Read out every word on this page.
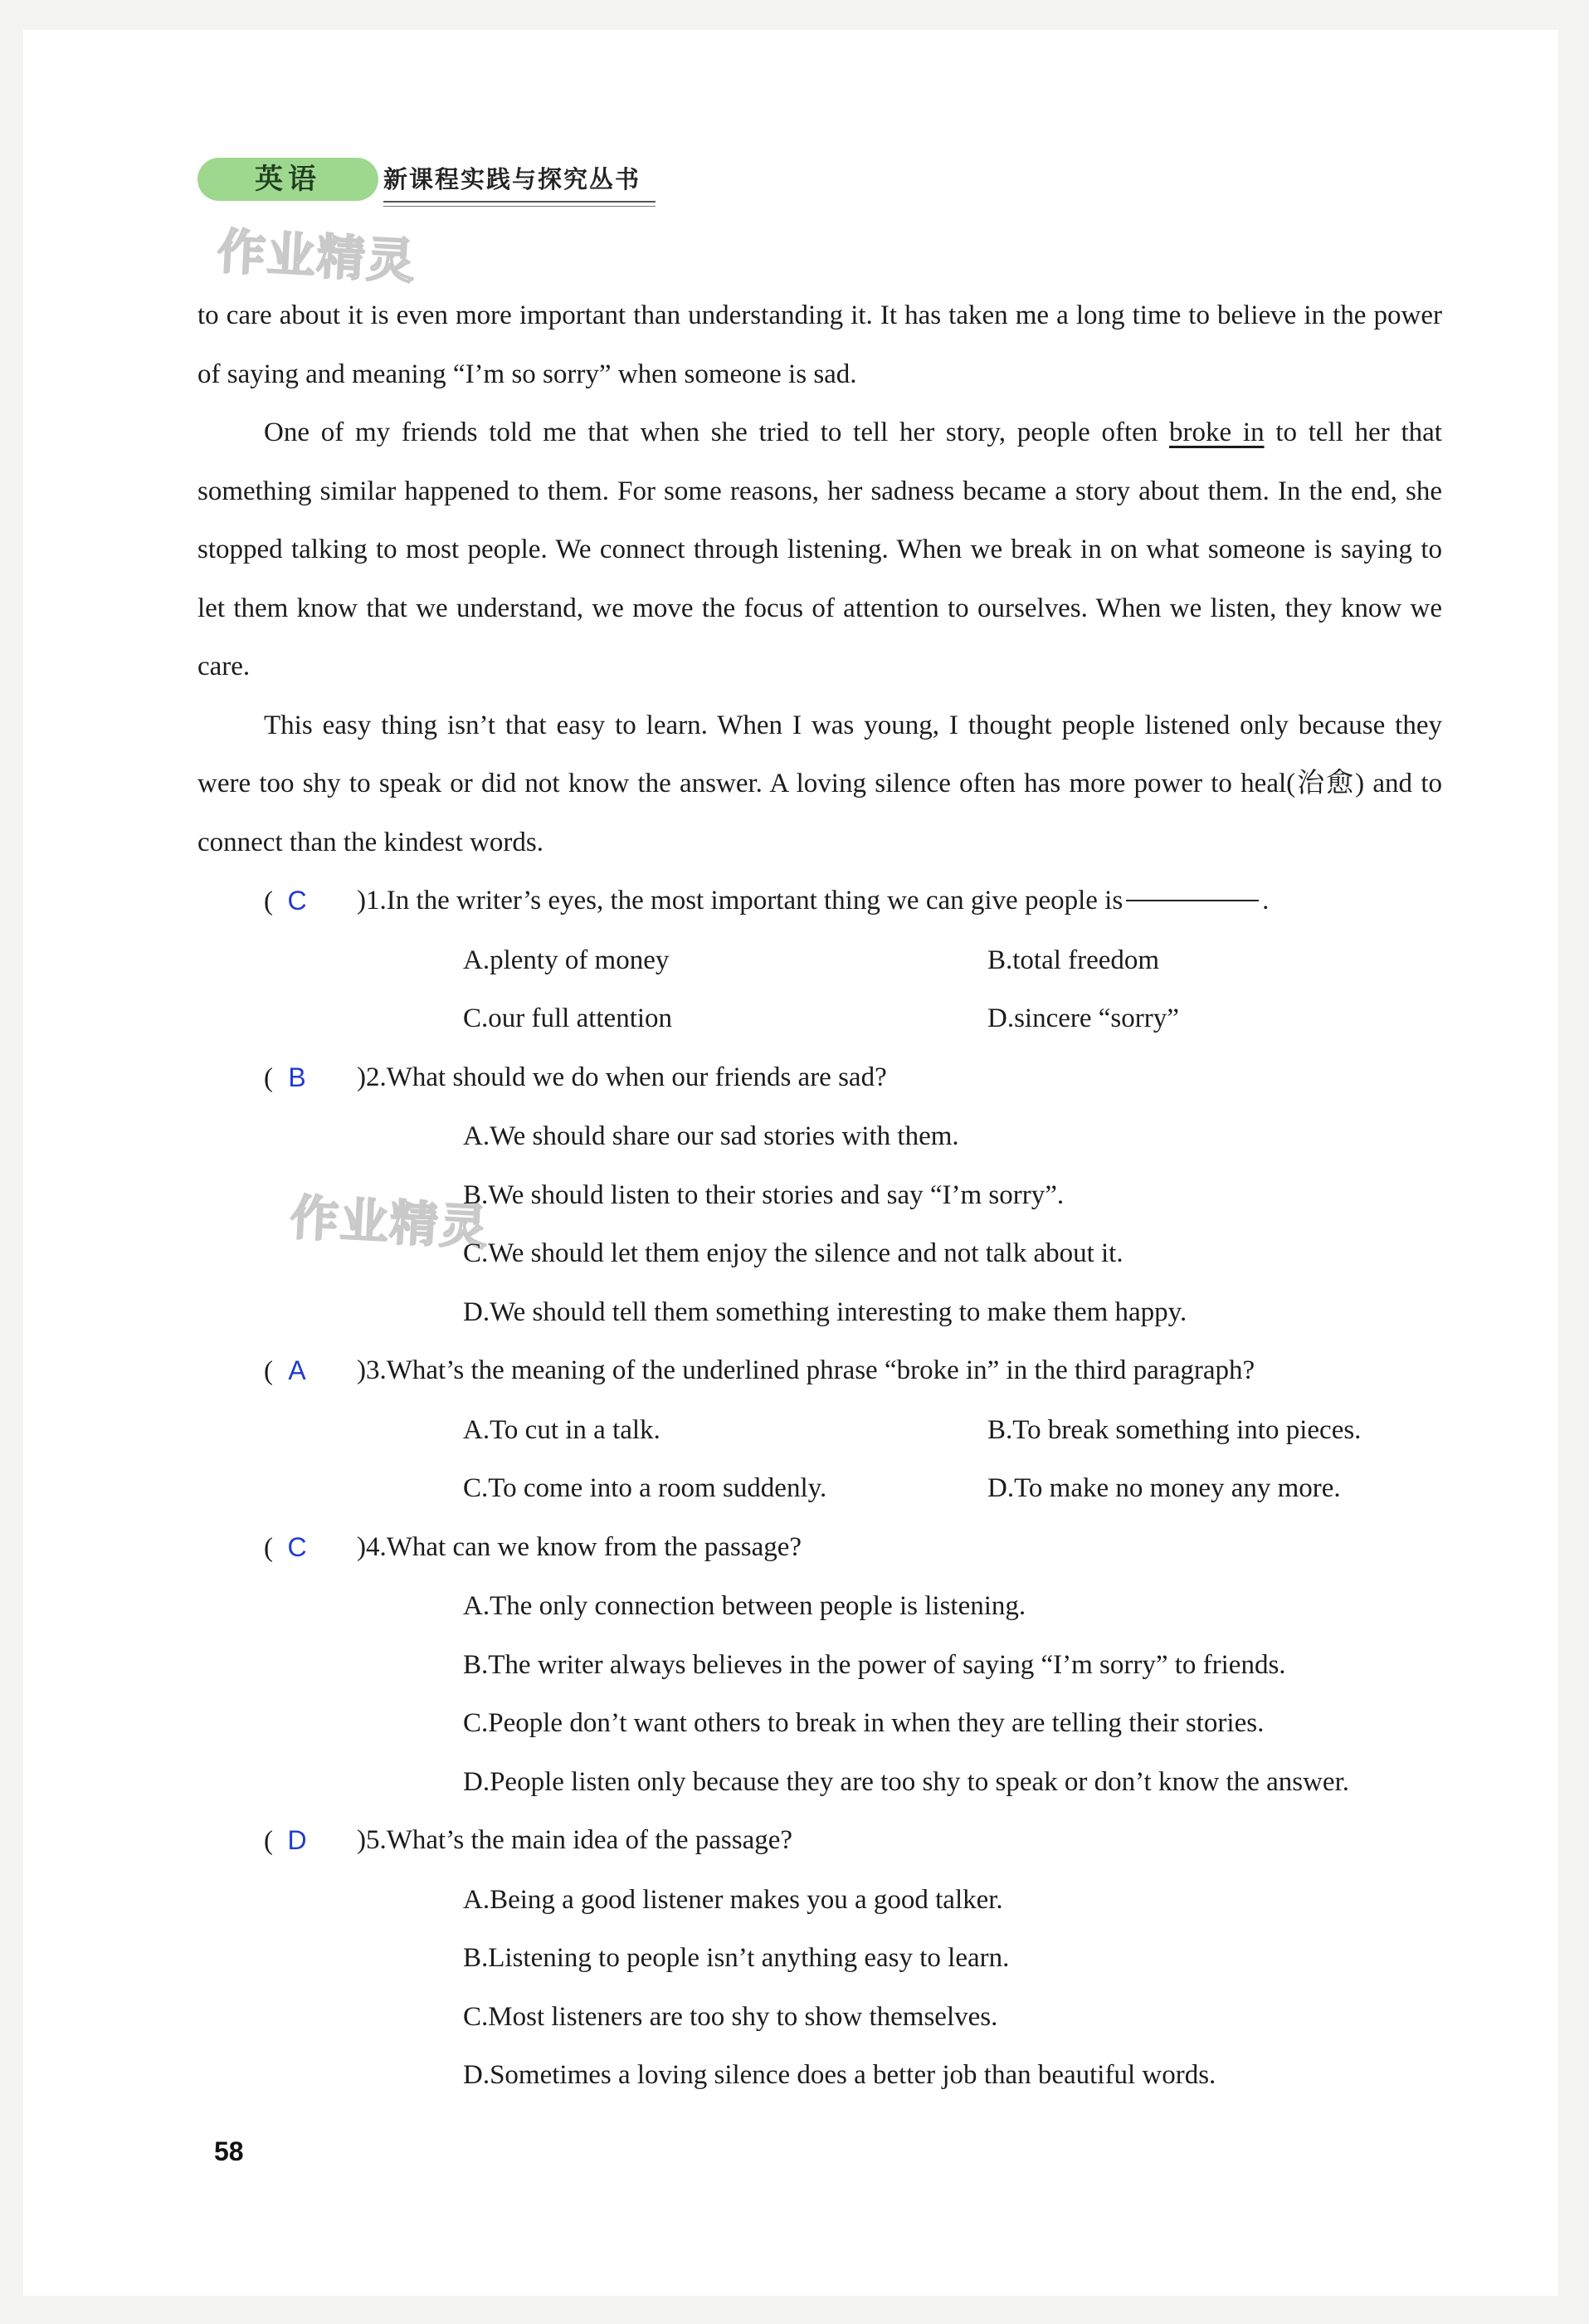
英语	新课程实践与探究丛书
作业精灵
作业精灵

to care about it is even more important than understanding it. It has taken me a long time to believe in the power of saying and meaning “I’m so sorry” when someone is sad.

One of my friends told me that when she tried to tell her story, people often broke in to tell her that something similar happened to them. For some reasons, her sadness became a story about them. In the end, she stopped talking to most people. We connect through listening. When we break in on what someone is saying to let them know that we understand, we move the focus of attention to ourselves. When we listen, they know we care.

This easy thing isn’t that easy to learn. When I was young, I thought people listened only because they were too shy to speak or did not know the answer. A loving silence often has more power to heal(治愈) and to connect than the kindest words.

( C	)1.In the writer’s eyes, the most important thing we can give people is	.
A.plenty of money	B.total freedom
C.our full attention	D.sincere “sorry”
( B	)2.What should we do when our friends are sad?
A.We should share our sad stories with them.
B.We should listen to their stories and say “I’m sorry”.
C.We should let them enjoy the silence and not talk about it.
D.We should tell them something interesting to make them happy.
( A	)3.What’s the meaning of the underlined phrase “broke in” in the third paragraph?
A.To cut in a talk.	B.To break something into pieces.
C.To come into a room suddenly.	D.To make no money any more.
( C	)4.What can we know from the passage?
A.The only connection between people is listening.
B.The writer always believes in the power of saying “I’m sorry” to friends.
C.People don’t want others to break in when they are telling their stories.
D.People listen only because they are too shy to speak or don’t know the answer.
( D	)5.What’s the main idea of the passage?
A.Being a good listener makes you a good talker.
B.Listening to people isn’t anything easy to learn.
C.Most listeners are too shy to show themselves.
D.Sometimes a loving silence does a better job than beautiful words.
58
